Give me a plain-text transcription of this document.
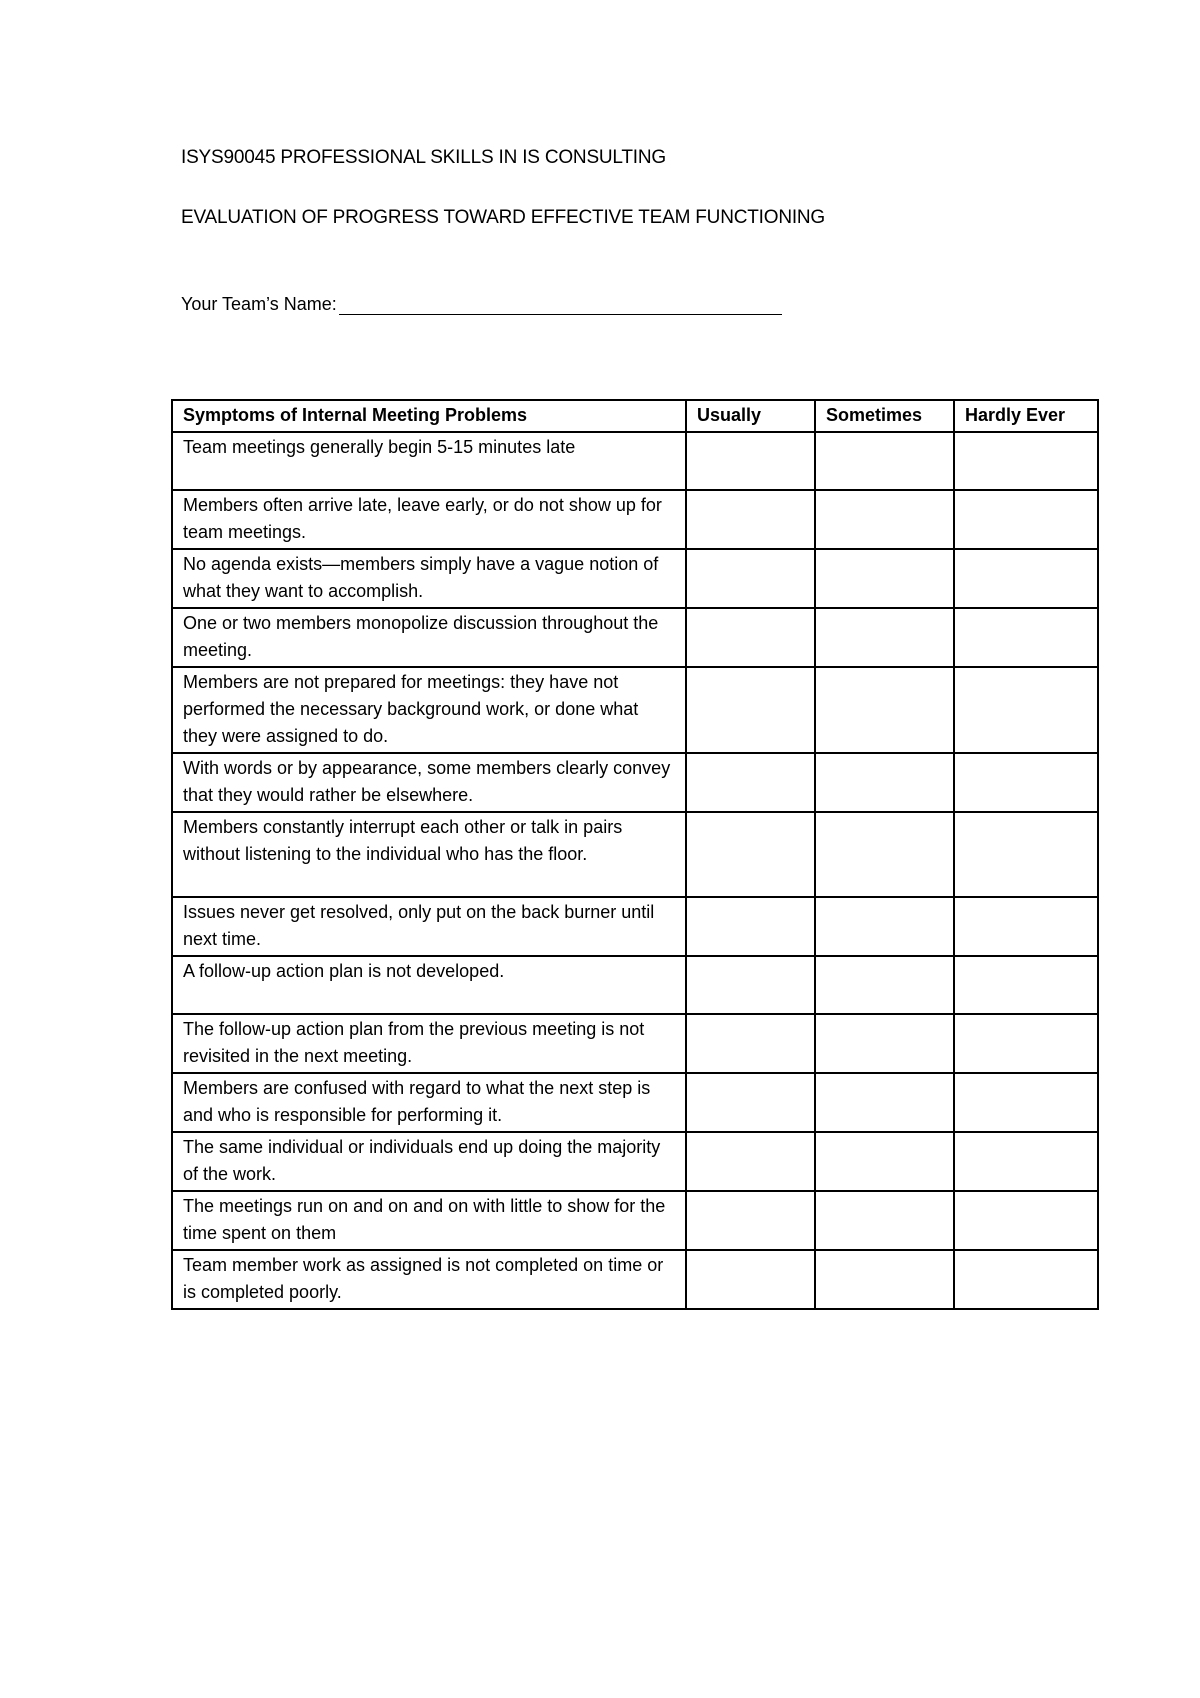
ISYS90045 PROFESSIONAL SKILLS IN IS CONSULTING
EVALUATION OF PROGRESS TOWARD EFFECTIVE TEAM FUNCTIONING
Your Team’s Name:
Symptoms of Internal Meeting Problems	Usually	Sometimes	Hardly Ever
Team meetings generally begin 5-15 minutes late			
Members often arrive late, leave early, or do not show up for team meetings.			
No agenda exists—members simply have a vague notion of what they want to accomplish.			
One or two members monopolize discussion throughout the meeting.			
Members are not prepared for meetings: they have not performed the necessary background work, or done what they were assigned to do.			
With words or by appearance, some members clearly convey that they would rather be elsewhere.			
Members constantly interrupt each other or talk in pairs without listening to the individual who has the floor.			
Issues never get resolved, only put on the back burner until next time.			
A follow-up action plan is not developed.			
The follow-up action plan from the previous meeting is not revisited in the next meeting.			
Members are confused with regard to what the next step is and who is responsible for performing it.			
The same individual or individuals end up doing the majority of the work.			
The meetings run on and on and on with little to show for the time spent on them			
Team member work as assigned is not completed on time or is completed poorly.			
